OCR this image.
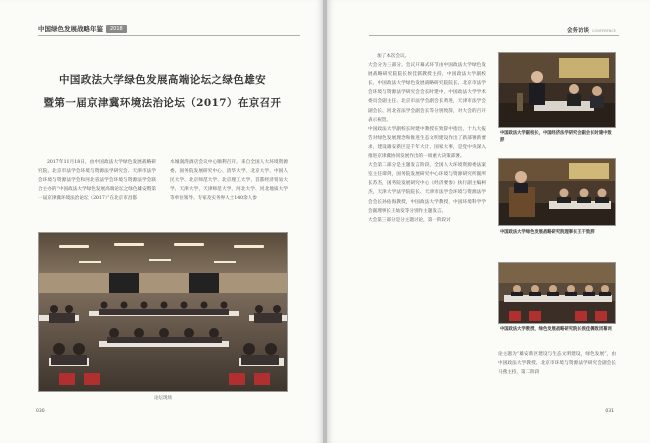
中国绿色发展战略年鉴	2018
中国政法大学绿色发展高端论坛之绿色雄安
暨第一届京津冀环境法治论坛（2017）在京召开

2017年11月18日，由中国政法大学绿色发展战略研究院、北京市法学会环境与资源法学研究会、天津市法学会环境与资源法学会和河北省法学会环境与资源法学会联合主办的“中国政法大学绿色发展高端论坛之绿色雄安暨第一届京津冀环境法治论坛（2017）”在北京市昌都

水城润湾酒店会议中心顺利召开。来自全国人大环境资源委、国务院发展研究中心、清华大学、北京大学、中国人民大学、北京师范大学、北京理工大学、首都经济贸易大学、天津大学、天津师范大学、河北大学、河北地质大学等单位领导、专家及实务界人士140余人参

论坛现场
030
会务访谈 CONFERENCE

加了本次会议。
大会分为三部分。会议开幕式环节由中国政法大学绿色发展战略研究院院长侯佳儒教授主持，中国政法大学副校长、中国政法大学绿色发展战略研究院院长、北京市法学会环境与资源法学研究会会长时建中，中国政法大学学术委员会副主任、北京市法学会副会长黄进，天津市法学会副会长、河北省法学会副会长等分别致辞，对大会的召开表示祝贺。
中国政法大学副校长时建中教授在致辞中指出，十九大报告对绿色发展理念和推进生态文明建设作出了新部署新要求，建设雄安新区是千年大计、国家大事，是党中央深入推进京津冀协同发展作出的一项重大决策部署。
大会第二部分是主题发言阶段，全国人大环境资源委法案室主任谭剑，国务院发展研究中心环境与资源研究所副所长苏杰，国务院发展研究中心《经济要参》执行副主编柯杰，天津大学法学院院长、天津市法学会环境与资源法学会会长孙佑海教授，中国政法大学教授，中国环境科学学会副理事长王灿发等分别作主题发言。
大会第三部分是分主题讨论，第一阶段讨

中国政法大学副校长，中国经济法学研究会副会长时建中致辞
中国政法大学绿色发展战略研究院理事长王干致辞
中国政法大学教授，绿色发展战略研究院长侯佳儒致闭幕词

论主题为“雄安新区建设与生态文明建设，绿色发展”，由中国政法大学教授、北京市环境与资源法学研究会副会长马燕主持，第二阶段

031
